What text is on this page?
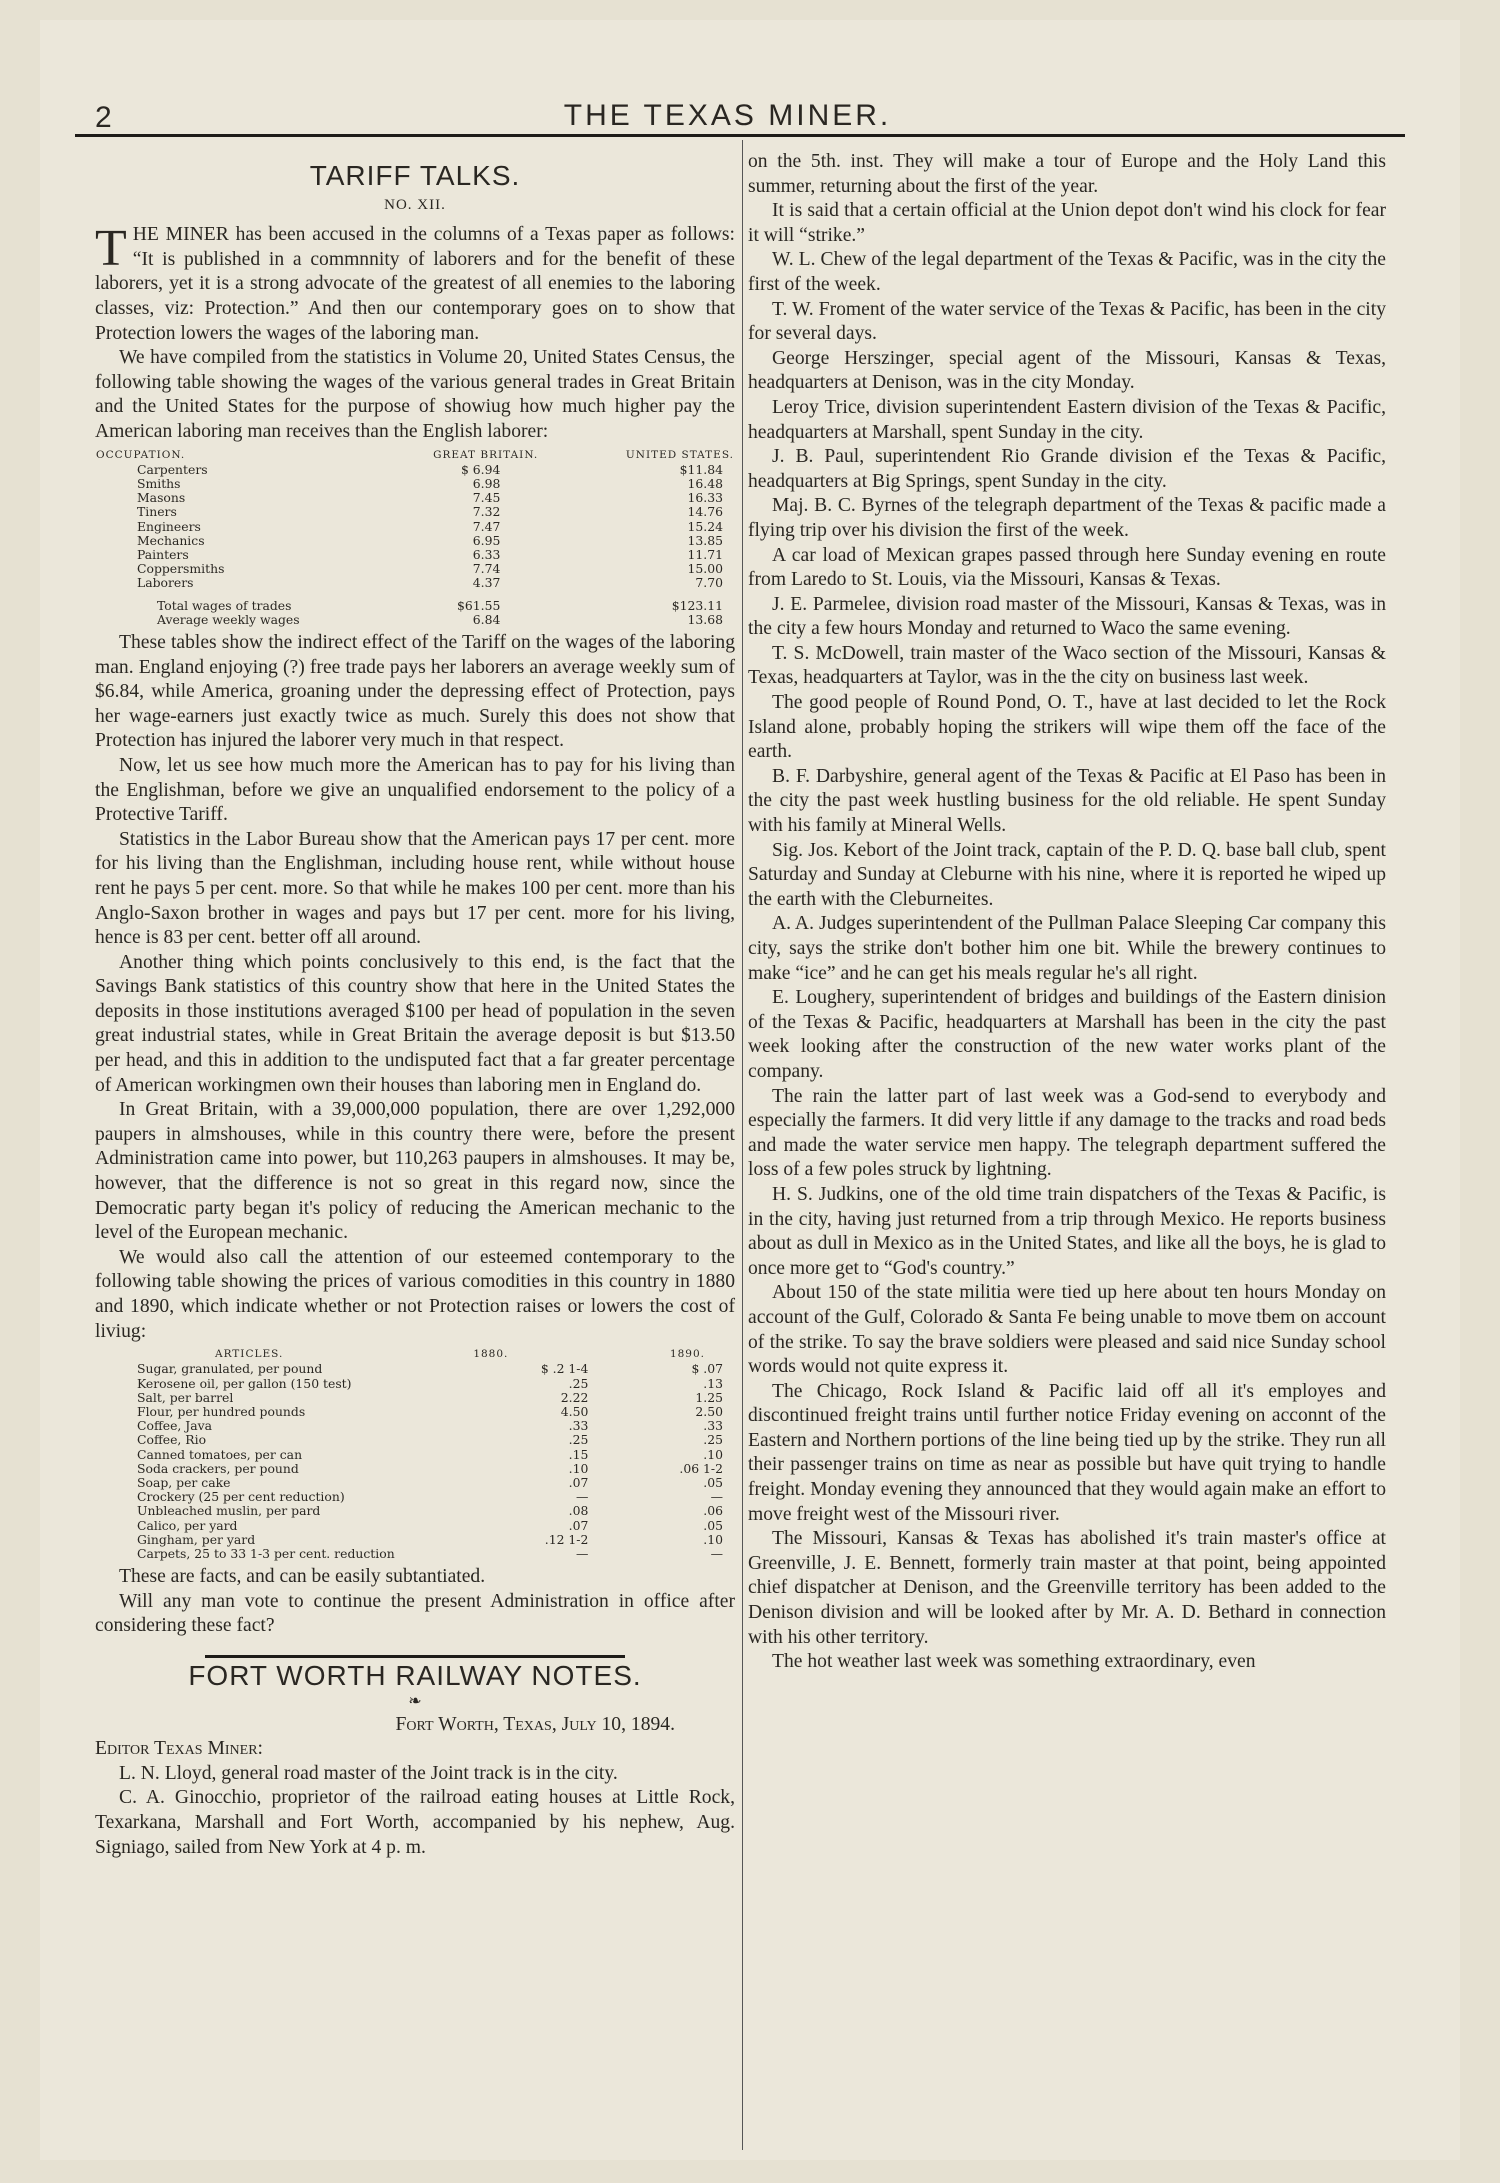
2	THE TEXAS MINER.
TARIFF TALKS.
NO. XII.

THE MINER has been accused in the columns of a Texas paper as follows: “It is published in a commnnity of laborers and for the benefit of these laborers, yet it is a strong advocate of the greatest of all enemies to the laboring classes, viz: Protection.” And then our contemporary goes on to show that Protection lowers the wages of the laboring man.

We have compiled from the statistics in Volume 20, United States Census, the following table showing the wages of the various general trades in Great Britain and the United States for the purpose of showiug how much higher pay the American laboring man receives than the English laborer:

OCCUPATION.	GREAT BRITAIN.	UNITED STATES.
Carpenters	$ 6.94	$11.84
Smiths	6.98	16.48
Masons	7.45	16.33
Tiners	7.32	14.76
Engineers	7.47	15.24
Mechanics	6.95	13.85
Painters	6.33	11.71
Coppersmiths	7.74	15.00
Laborers	4.37	7.70
Total wages of trades	$61.55	$123.11
Average weekly wages	6.84	13.68

These tables show the indirect effect of the Tariff on the wages of the laboring man. England enjoying (?) free trade pays her laborers an average weekly sum of $6.84, while America, groaning under the depressing effect of Protection, pays her wage-earners just exactly twice as much. Surely this does not show that Protection has injured the laborer very much in that respect.

Now, let us see how much more the American has to pay for his living than the Englishman, before we give an unqualified endorsement to the policy of a Protective Tariff.

Statistics in the Labor Bureau show that the American pays 17 per cent. more for his living than the Englishman, including house rent, while without house rent he pays 5 per cent. more. So that while he makes 100 per cent. more than his Anglo-Saxon brother in wages and pays but 17 per cent. more for his living, hence is 83 per cent. better off all around.

Another thing which points conclusively to this end, is the fact that the Savings Bank statistics of this country show that here in the United States the deposits in those institutions averaged $100 per head of population in the seven great industrial states, while in Great Britain the average deposit is but $13.50 per head, and this in addition to the undisputed fact that a far greater percentage of American workingmen own their houses than laboring men in England do.

In Great Britain, with a 39,000,000 population, there are over 1,292,000 paupers in almshouses, while in this country there were, before the present Administration came into power, but 110,263 paupers in almshouses. It may be, however, that the difference is not so great in this regard now, since the Democratic party began it's policy of reducing the American mechanic to the level of the European mechanic.

We would also call the attention of our esteemed contemporary to the following table showing the prices of various comodities in this country in 1880 and 1890, which indicate whether or not Protection raises or lowers the cost of liviug:

ARTICLES.	1880.	1890.
Sugar, granulated, per pound	$ .2 1-4	$ .07
Kerosene oil, per gallon (150 test)	.25	.13
Salt, per barrel	2.22	1.25
Flour, per hundred pounds	4.50	2.50
Coffee, Java	.33	.33
Coffee, Rio	.25	.25
Canned tomatoes, per can	.15	.10
Soda crackers, per pound	.10	.06 1-2
Soap, per cake	.07	.05
Crockery (25 per cent reduction)	—	—
Unbleached muslin, per pard	.08	.06
Calico, per yard	.07	.05
Gingham, per yard	.12 1-2	.10
Carpets, 25 to 33 1-3 per cent. reduction	—	—

These are facts, and can be easily subtantiated.

Will any man vote to continue the present Administration in office after considering these fact?

FORT WORTH RAILWAY NOTES.
❧

Fort Worth, Texas, July 10, 1894.

Editor Texas Miner:

L. N. Lloyd, general road master of the Joint track is in the city.

C. A. Ginocchio, proprietor of the railroad eating houses at Little Rock, Texarkana, Marshall and Fort Worth, accompanied by his nephew, Aug. Signiago, sailed from New York at 4 p. m.

on the 5th. inst. They will make a tour of Europe and the Holy Land this summer, returning about the first of the year.

It is said that a certain official at the Union depot don't wind his clock for fear it will “strike.”

W. L. Chew of the legal department of the Texas & Pacific, was in the city the first of the week.

T. W. Froment of the water service of the Texas & Pacific, has been in the city for several days.

George Herszinger, special agent of the Missouri, Kansas & Texas, headquarters at Denison, was in the city Monday.

Leroy Trice, division superintendent Eastern division of the Texas & Pacific, headquarters at Marshall, spent Sunday in the city.

J. B. Paul, superintendent Rio Grande division ef the Texas & Pacific, headquarters at Big Springs, spent Sunday in the city.

Maj. B. C. Byrnes of the telegraph department of the Texas & pacific made a flying trip over his division the first of the week.

A car load of Mexican grapes passed through here Sunday evening en route from Laredo to St. Louis, via the Missouri, Kansas & Texas.

J. E. Parmelee, division road master of the Missouri, Kansas & Texas, was in the city a few hours Monday and returned to Waco the same evening.

T. S. McDowell, train master of the Waco section of the Missouri, Kansas & Texas, headquarters at Taylor, was in the the city on business last week.

The good people of Round Pond, O. T., have at last decided to let the Rock Island alone, probably hoping the strikers will wipe them off the face of the earth.

B. F. Darbyshire, general agent of the Texas & Pacific at El Paso has been in the city the past week hustling business for the old reliable. He spent Sunday with his family at Mineral Wells.

Sig. Jos. Kebort of the Joint track, captain of the P. D. Q. base ball club, spent Saturday and Sunday at Cleburne with his nine, where it is reported he wiped up the earth with the Cleburneites.

A. A. Judges superintendent of the Pullman Palace Sleeping Car company this city, says the strike don't bother him one bit. While the brewery continues to make “ice” and he can get his meals regular he's all right.

E. Loughery, superintendent of bridges and buildings of the Eastern dinision of the Texas & Pacific, headquarters at Marshall has been in the city the past week looking after the construction of the new water works plant of the company.

The rain the latter part of last week was a God-send to everybody and especially the farmers. It did very little if any damage to the tracks and road beds and made the water service men happy. The telegraph department suffered the loss of a few poles struck by lightning.

H. S. Judkins, one of the old time train dispatchers of the Texas & Pacific, is in the city, having just returned from a trip through Mexico. He reports business about as dull in Mexico as in the United States, and like all the boys, he is glad to once more get to “God's country.”

About 150 of the state militia were tied up here about ten hours Monday on account of the Gulf, Colorado & Santa Fe being unable to move tbem on account of the strike. To say the brave soldiers were pleased and said nice Sunday school words would not quite express it.

The Chicago, Rock Island & Pacific laid off all it's employes and discontinued freight trains until further notice Friday evening on acconnt of the Eastern and Northern portions of the line being tied up by the strike. They run all their passenger trains on time as near as possible but have quit trying to handle freight. Monday evening they announced that they would again make an effort to move freight west of the Missouri river.

The Missouri, Kansas & Texas has abolished it's train master's office at Greenville, J. E. Bennett, formerly train master at that point, being appointed chief dispatcher at Denison, and the Greenville territory has been added to the Denison division and will be looked after by Mr. A. D. Bethard in connection with his other territory.

The hot weather last week was something extraordinary, even
